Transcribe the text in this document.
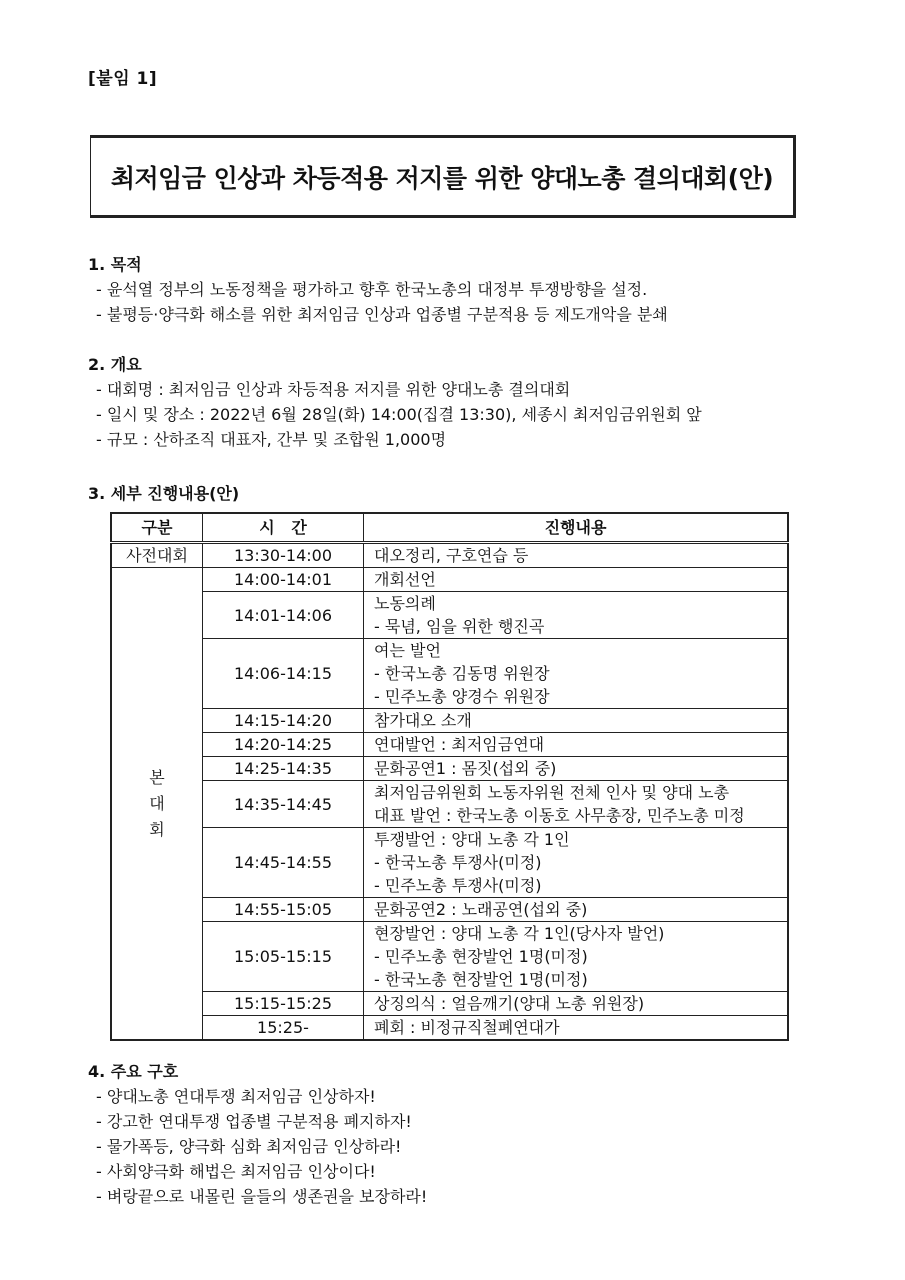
[붙임 1]
최저임금 인상과 차등적용 저지를 위한 양대노총 결의대회(안)
1. 목적
- 윤석열 정부의 노동정책을 평가하고 향후 한국노총의 대정부 투쟁방향을 설정.
- 불평등·양극화 해소를 위한 최저임금 인상과 업종별 구분적용 등 제도개악을 분쇄
2. 개요
- 대회명 : 최저임금 인상과 차등적용 저지를 위한 양대노총 결의대회
- 일시 및 장소 : 2022년 6월 28일(화) 14:00(집결 13:30), 세종시 최저임금위원회 앞
- 규모 : 산하조직 대표자, 간부 및 조합원 1,000명
3. 세부 진행내용(안)
구분	시   간	진행내용
사전대회	13:30-14:00	대오정리, 구호연습 등

본
대
회	14:00-14:01	개회선언

	14:01-14:06	노동의례
- 묵념, 임을 위한 행진곡

	14:06-14:15	여는 발언
- 한국노총 김동명 위원장
- 민주노총 양경수 위원장

	14:15-14:20	참가대오 소개

	14:20-14:25	연대발언 : 최저임금연대

	14:25-14:35	문화공연1 : 몸짓(섭외 중)

	14:35-14:45	최저임금위원회 노동자위원 전체 인사 및 양대 노총
대표 발언 : 한국노총 이동호 사무총장, 민주노총 미정

	14:45-14:55	투쟁발언 : 양대 노총 각 1인
- 한국노총 투쟁사(미정)
- 민주노총 투쟁사(미정)

	14:55-15:05	문화공연2 : 노래공연(섭외 중)

	15:05-15:15	현장발언 : 양대 노총 각 1인(당사자 발언)
- 민주노총 현장발언 1명(미정)
- 한국노총 현장발언 1명(미정)

	15:15-15:25	상징의식 : 얼음깨기(양대 노총 위원장)

	15:25-	폐회 : 비정규직철폐연대가
4. 주요 구호
- 양대노총 연대투쟁 최저임금 인상하자!
- 강고한 연대투쟁 업종별 구분적용 폐지하자!
- 물가폭등, 양극화 심화 최저임금 인상하라!
- 사회양극화 해법은 최저임금 인상이다!
- 벼랑끝으로 내몰린 을들의 생존권을 보장하라!
